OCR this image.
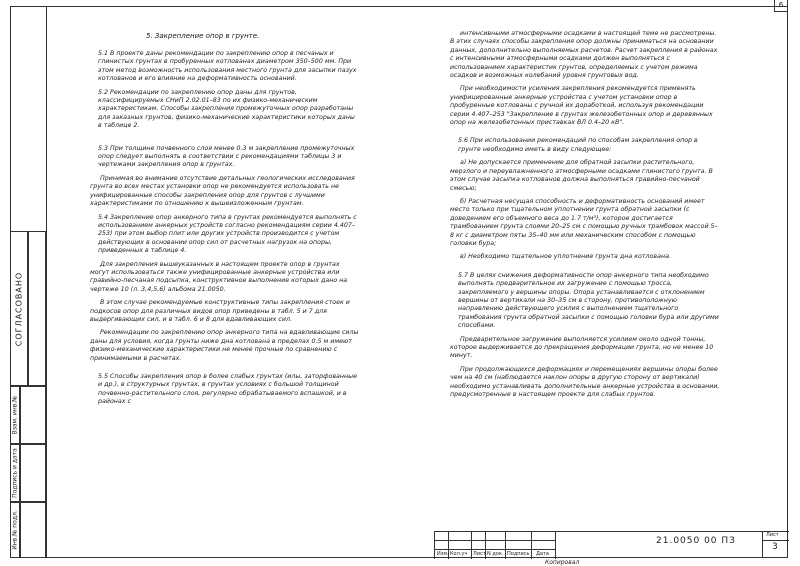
6
СОГЛАСОВАНО
Взам. инв.№
Подпись и дата
Инв.№ подл.
5. Закрепление опор в грунте.

5.1 В проекте даны рекомендации по закреплению опор в песчаных и глинистых грунтах в пробуренных котлованах диаметром 350–500 мм. При этом метод возможность использования местного грунта для засыпки пазух котлованов и его влияние на деформативность оснований.

5.2 Рекомендации по закреплению опор даны для грунтов, классифицируемых СНиП 2.02.01–83 по их физико-механическим характеристикам. Способы закрепления промежуточных опор разработаны для заказных грунтов, физико-механические характеристики которых даны в таблице 2.

5.3 При толщине почвенного слоя менее 0.3 м закрепление промежуточных опор следует выполнять в соответствии с рекомендациями таблицы 3 и чертежами закрепления опор в грунтах.

Принимая во внимание отсутствие детальных геологических исследования грунта во всех местах установки опор не рекомендуется использовать не унифицированные способы закрепления опор для грунтов с лучшими характеристиками по отношению к вышеизложенным грунтам.

5.4 Закрепление опор анкерного типа в грунтах рекомендуется выполнять с использованием анкерных устройств согласно рекомендациям серии 4.407–253) при этом выбор плит или других устройств производится с учетом действующих в основании опор сил от расчетных нагрузок на опоры, приведенных в таблице 4.

Для закрепления вышеуказанных в настоящем проекте опор в грунтах могут использоваться также унифицированные анкерные устройства или гравийно-песчаная подсыпка, конструктивное выполнение которых дано на чертеже 10 (л. 3,4,5,6) альбома 21.0050.

В этом случае рекомендуемые конструктивные типы закрепления стоек и подкосов опор для различных видов опор приведены в табл. 5 и 7 для выдергивающих сил, и в табл. 6 и 8 для вдавливающих сил.

Рекомендации по закреплению опор анкерного типа на вдавливающие силы даны для условия, когда грунты ниже дна котлована в пределах 0.5 м имеют физико-механические характеристики не менее прочные по сравнению с принимаемыми в расчетах.

5.5 Способы закрепления опор в более слабых грунтах (илы, заторфованные и др.), в структурных грунтах, в грунтах условиях с большой толщиной почвенно-растительного слоя, регулярно обрабатываемого вспашкой, и в районах с

интенсивными атмосферными осадками в настоящей теме не рассмотрены. В этих случаях способы закрепления опор должны приниматься на основании данных, дополнительно выполняемых расчетов. Расчет закрепления в районах с интенсивными атмосферными осадками должен выполняться с использованием характеристик грунтов, определяемых с учетом режима осадков и возможных колебаний уровня грунтовых вод.

При необходимости усиления закрепления рекомендуется применять унифицированные анкерные устройства с учетом установки опор в пробуренные котлованы с ручной их доработкой, используя рекомендации серии 4.407–253 "Закрепление в грунтах железобетонных опор и деревянных опор на железобетонных приставках ВЛ 0.4–20 кВ".

5.6 При использовании рекомендаций по способам закрепления опор в грунте необходимо иметь в виду следующее:

а) Не допускается применение для обратной засыпки растительного, мерзлого и переувлажненного атмосферными осадками глинистого грунта. В этом случае засыпка котлованов должна выполняться гравийно-песчаной смесью;

б) Расчетная несущая способность и деформативность оснований имеет место только при тщательном уплотнении грунта обратной засыпки (с доведением его объемного веса до 1.7 т/м³), которое достигается трамбованием грунта слоями 20–25 см с помощью ручных трамбовок массой 5–8 кг с диаметром пяты 35–40 мм или механическим способом с помощью головки бура;

в) Необходимо тщательное уплотнение грунта дна котлована.

5.7 В целях снижения деформативности опор анкерного типа необходимо выполнять предварительное их загружение с помощью тросса, закрепляемого у вершины опоры. Опора устанавливается с отклонением вершины от вертикали на 30–35 см в сторону, противоположную направлению действующего усилия с выполнением тщательного трамбования грунта обратной засыпки с помощью головки бура или другими способами.

Предварительное загружение выполняется усилием около одной тонны, которое выдерживается до прекращения деформации грунта, но не менее 10 минут.

При продолжающихся деформациях и перемещениях вершины опоры более чем на 40 см (наблюдается наклон опоры в другую сторону от вертикали) необходимо устанавливать дополнительные анкерные устройства в основании, предусмотренные в настоящем проекте для слабых грунтов.

Изм. Кол.уч Лист N док. Подпись Дата
21.0050 00 ПЗ
Лист
3
Копировал
